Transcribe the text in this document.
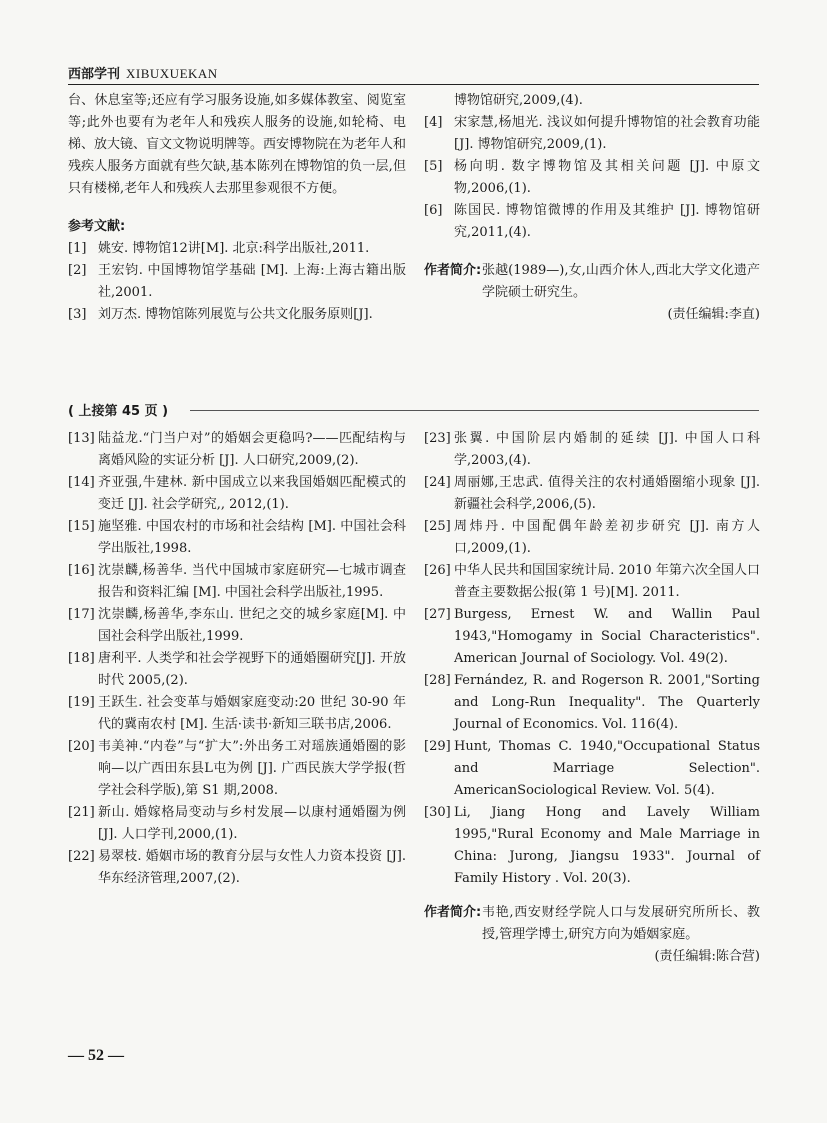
西部学刊 XIBUXUEKAN
台、休息室等;还应有学习服务设施,如多媒体教室、阅览室等;此外也要有为老年人和残疾人服务的设施,如轮椅、电梯、放大镜、盲文文物说明牌等。西安博物院在为老年人和残疾人服务方面就有些欠缺,基本陈列在博物馆的负一层,但只有楼梯,老年人和残疾人去那里参观很不方便。
参考文献:
[1] 姚安. 博物馆12讲[M]. 北京:科学出版社,2011.
[2] 王宏钧. 中国博物馆学基础 [M]. 上海:上海古籍出版社,2001.
[3] 刘万杰. 博物馆陈列展览与公共文化服务原则[J].
博物馆研究,2009,(4).
[4] 宋家慧,杨旭光. 浅议如何提升博物馆的社会教育功能[J]. 博物馆研究,2009,(1).
[5] 杨向明. 数字博物馆及其相关问题 [J]. 中原文物,2006,(1).
[6] 陈国民. 博物馆微博的作用及其维护 [J]. 博物馆研究,2011,(4).
作者简介: 张越(1989—),女,山西介休人,西北大学文化遗产学院硕士研究生。
(责任编辑:李直)
( 上接第 45 页 )
[13] 陆益龙.“门当户对”的婚姻会更稳吗?——匹配结构与离婚风险的实证分析 [J]. 人口研究,2009,(2).
[14] 齐亚强,牛建林. 新中国成立以来我国婚姻匹配模式的变迁 [J]. 社会学研究,, 2012,(1).
[15] 施坚雅. 中国农村的市场和社会结构 [M]. 中国社会科学出版社,1998.
[16] 沈崇麟,杨善华. 当代中国城市家庭研究—七城市调查报告和资料汇编 [M]. 中国社会科学出版社,1995.
[17] 沈崇麟,杨善华,李东山. 世纪之交的城乡家庭[M]. 中国社会科学出版社,1999.
[18] 唐利平. 人类学和社会学视野下的通婚圈研究[J]. 开放时代 2005,(2).
[19] 王跃生. 社会变革与婚姻家庭变动:20 世纪 30-90 年代的冀南农村 [M]. 生活·读书·新知三联书店,2006.
[20] 韦美神.“内卷”与“扩大”:外出务工对瑶族通婚圈的影响—以广西田东县L屯为例 [J]. 广西民族大学学报(哲学社会科学版),第 S1 期,2008.
[21] 新山. 婚嫁格局变动与乡村发展—以康村通婚圈为例 [J]. 人口学刊,2000,(1).
[22] 易翠枝. 婚姻市场的教育分层与女性人力资本投资 [J]. 华东经济管理,2007,(2).
[23] 张翼. 中国阶层内婚制的延续 [J]. 中国人口科学,2003,(4).
[24] 周丽娜,王忠武. 值得关注的农村通婚圈缩小现象 [J]. 新疆社会科学,2006,(5).
[25] 周炜丹. 中国配偶年龄差初步研究 [J]. 南方人口,2009,(1).
[26] 中华人民共和国国家统计局. 2010 年第六次全国人口普查主要数据公报(第 1 号)[M]. 2011.
[27] Burgess, Ernest W. and Wallin Paul 1943,"Homogamy in Social Characteristics". American Journal of Sociology. Vol. 49(2).
[28] Fernández, R. and Rogerson R. 2001,"Sorting and Long-Run Inequality". The Quarterly Journal of Economics. Vol. 116(4).
[29] Hunt, Thomas C. 1940,"Occupational Status and Marriage Selection". AmericanSociological Review. Vol. 5(4).
[30] Li, Jiang Hong and Lavely William 1995,"Rural Economy and Male Marriage in China: Jurong, Jiangsu 1933". Journal of Family History . Vol. 20(3).
作者简介: 韦艳,西安财经学院人口与发展研究所所长、教授,管理学博士,研究方向为婚姻家庭。
(责任编辑:陈合营)
— 52 —
